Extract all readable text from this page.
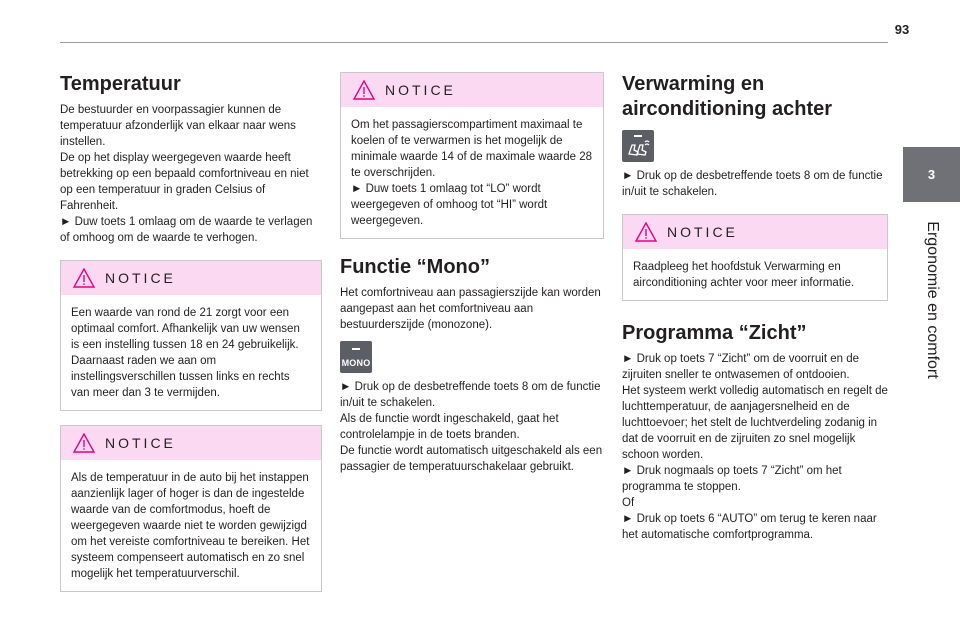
93
3
Ergonomie en comfort
Temperatuur

De bestuurder en voorpassagier kunnen de temperatuur afzonderlijk van elkaar naar wens instellen.
De op het display weergegeven waarde heeft betrekking op een bepaald comfortniveau en niet op een temperatuur in graden Celsius of Fahrenheit.
► Duw toets 1 omlaag om de waarde te verlagen of omhoog om de waarde te verhogen.

NOTICE
Een waarde van rond de 21 zorgt voor een optimaal comfort. Afhankelijk van uw wensen is een instelling tussen 18 en 24 gebruikelijk.
Daarnaast raden we aan om instellingsverschillen tussen links en rechts van meer dan 3 te vermijden.
NOTICE
Als de temperatuur in de auto bij het instappen aanzienlijk lager of hoger is dan de ingestelde waarde van de comfortmodus, hoeft de weergegeven waarde niet te worden gewijzigd om het vereiste comfortniveau te bereiken. Het systeem compenseert automatisch en zo snel mogelijk het temperatuurverschil.
NOTICE
Om het passagierscompartiment maximaal te koelen of te verwarmen is het mogelijk de minimale waarde 14 of de maximale waarde 28 te overschrijden.
► Duw toets 1 omlaag tot “LO” wordt weergegeven of omhoog tot “HI” wordt weergegeven.
Functie “Mono”

Het comfortniveau aan passagierszijde kan worden aangepast aan het comfortniveau aan bestuurderszijde (monozone).

MONO

► Druk op de desbetreffende toets 8 om de functie in/uit te schakelen.
Als de functie wordt ingeschakeld, gaat het controlelampje in de toets branden.
De functie wordt automatisch uitgeschakeld als een passagier de temperatuurschakelaar gebruikt.

Verwarming en airconditioning achter

► Druk op de desbetreffende toets 8 om de functie in/uit te schakelen.

NOTICE
Raadpleeg het hoofdstuk Verwarming en airconditioning achter voor meer informatie.
Programma “Zicht”

► Druk op toets 7 “Zicht” om de voorruit en de zijruiten sneller te ontwasemen of ontdooien.
Het systeem werkt volledig automatisch en regelt de luchttemperatuur, de aanjagersnelheid en de luchttoevoer; het stelt de luchtverdeling zodanig in dat de voorruit en de zijruiten zo snel mogelijk schoon worden.
► Druk nogmaals op toets 7 “Zicht” om het programma te stoppen.
Of
► Druk op toets 6 “AUTO” om terug te keren naar het automatische comfortprogramma.
